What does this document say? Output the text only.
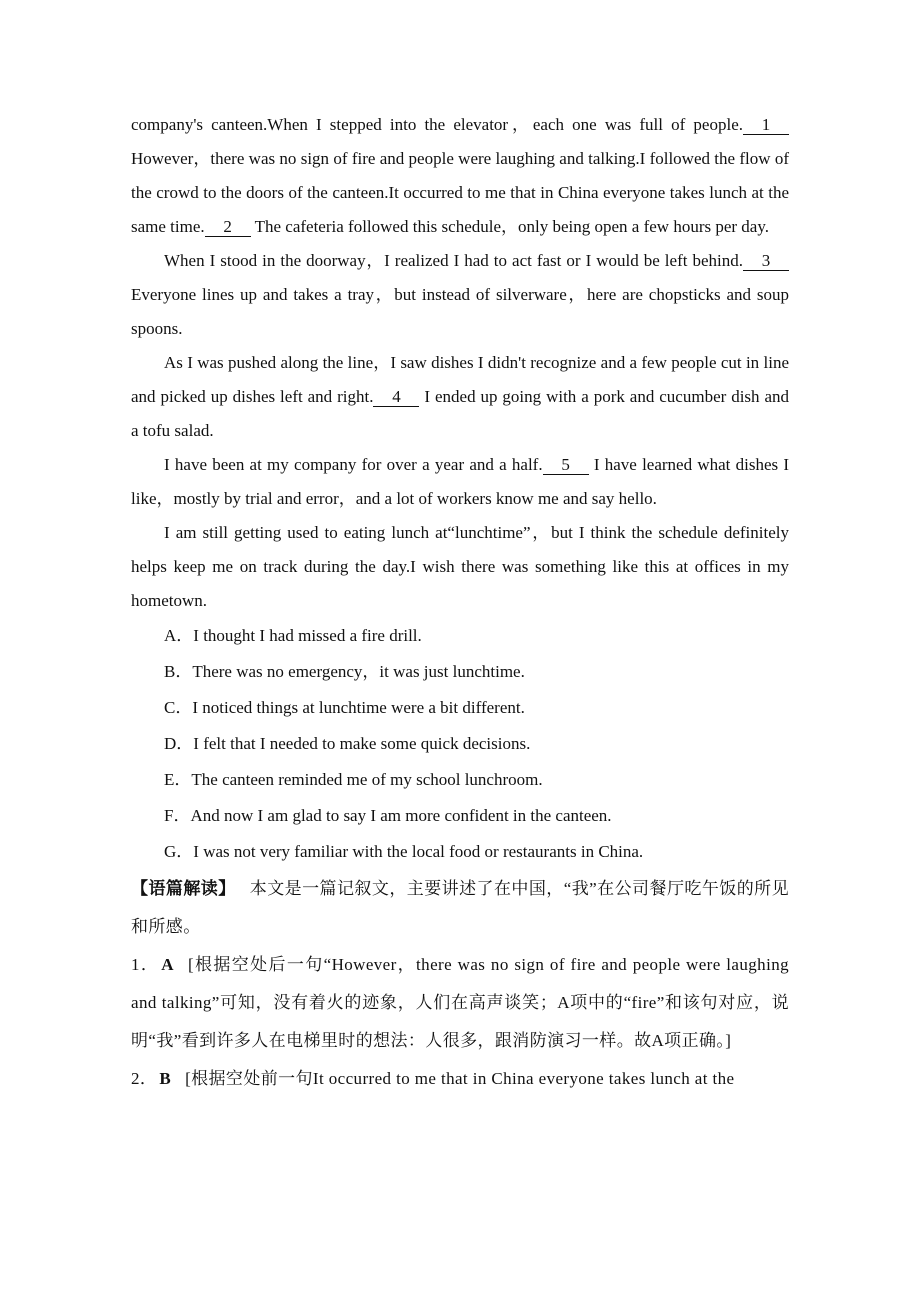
company's canteen.When I stepped into the elevator，each one was full of people. 1 However，there was no sign of fire and people were laughing and talking.I followed the flow of the crowd to the doors of the canteen.It occurred to me that in China everyone takes lunch at the same time. 2 The cafeteria followed this schedule，only being open a few hours per day.

When I stood in the doorway，I realized I had to act fast or I would be left behind. 3 Everyone lines up and takes a tray，but instead of silverware，here are chopsticks and soup spoons.

As I was pushed along the line，I saw dishes I didn't recognize and a few people cut in line and picked up dishes left and right. 4 I ended up going with a pork and cucumber dish and a tofu salad.

I have been at my company for over a year and a half. 5 I have learned what dishes I like，mostly by trial and error，and a lot of workers know me and say hello.

I am still getting used to eating lunch at“lunchtime”，but I think the schedule definitely helps keep me on track during the day.I wish there was something like this at offices in my hometown.

A．I thought I had missed a fire drill.

B．There was no emergency，it was just lunchtime.

C．I noticed things at lunchtime were a bit different.

D．I felt that I needed to make some quick decisions.

E．The canteen reminded me of my school lunchroom.

F．And now I am glad to say I am more confident in the canteen.

G．I was not very familiar with the local food or restaurants in China.

【语篇解读】 本文是一篇记叙文，主要讲述了在中国，“我”在公司餐厅吃午饭的所见和所感。

1． A [根据空处后一句“However，there was no sign of fire and people were laughing and talking”可知，没有着火的迹象，人们在高声谈笑；A项中的“fire”和该句对应，说明“我”看到许多人在电梯里时的想法：人很多，跟消防演习一样。故A项正确。]

2． B [根据空处前一句It occurred to me that in China everyone takes lunch at the
